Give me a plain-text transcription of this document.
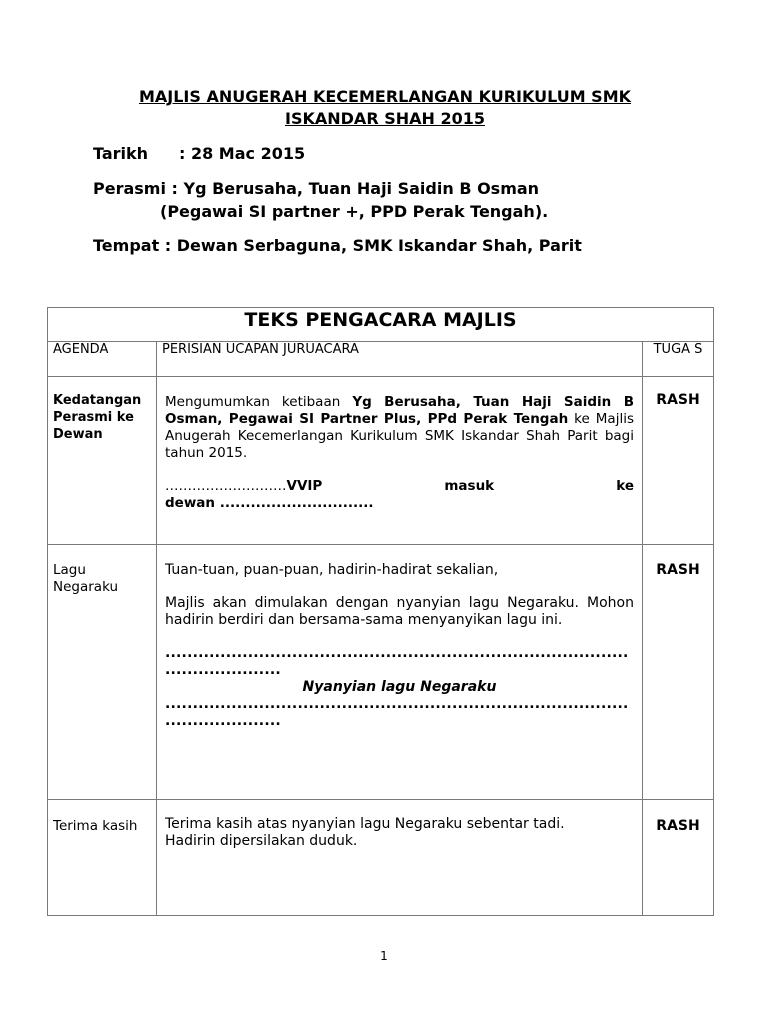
MAJLIS ANUGERAH KECEMERLANGAN KURIKULUM SMK
ISKANDAR SHAH 2015
Tarikh : 28 Mac 2015
Perasmi : Yg Berusaha, Tuan Haji Saidin B Osman
(Pegawai SI partner +, PPD Perak Tengah).
Tempat : Dewan Serbaguna, SMK Iskandar Shah, Parit
TEKS PENGACARA MAJLIS		
AGENDA	PERISIAN UCAPAN JURUACARA	TUGA S
Kedatangan Perasmi ke Dewan	Mengumumkan ketibaan Yg Berusaha, Tuan Haji Saidin B Osman, Pegawai SI Partner Plus, PPd Perak Tengah ke Majlis Anugerah Kecemerlangan Kurikulum SMK Iskandar Shah Parit bagi tahun 2015.

………………………VVIP masuk ke

dewan ..............................	RASH
Lagu Negaraku	Tuan-tuan, puan-puan, hadirin-hadirat sekalian,

Majlis akan dimulakan dengan nyanyian lagu Negaraku. Mohon hadirin berdiri dan bersama-sama menyanyikan lagu ini.

.........................................................................................................

Nyanyian lagu Negaraku

.........................................................................................................	RASH
Terima kasih	Terima kasih atas nyanyian lagu Negaraku sebentar tadi.

Hadirin dipersilakan duduk.	RASH
1
